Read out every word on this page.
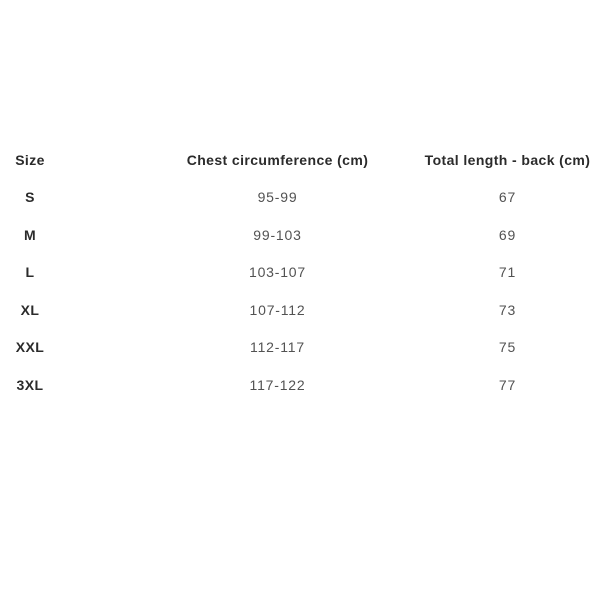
Size	Chest circumference (cm)	Total length - back (cm)
S	95-99	67
M	99-103	69
L	103-107	71
XL	107-112	73
XXL	112-117	75
3XL	117-122	77
